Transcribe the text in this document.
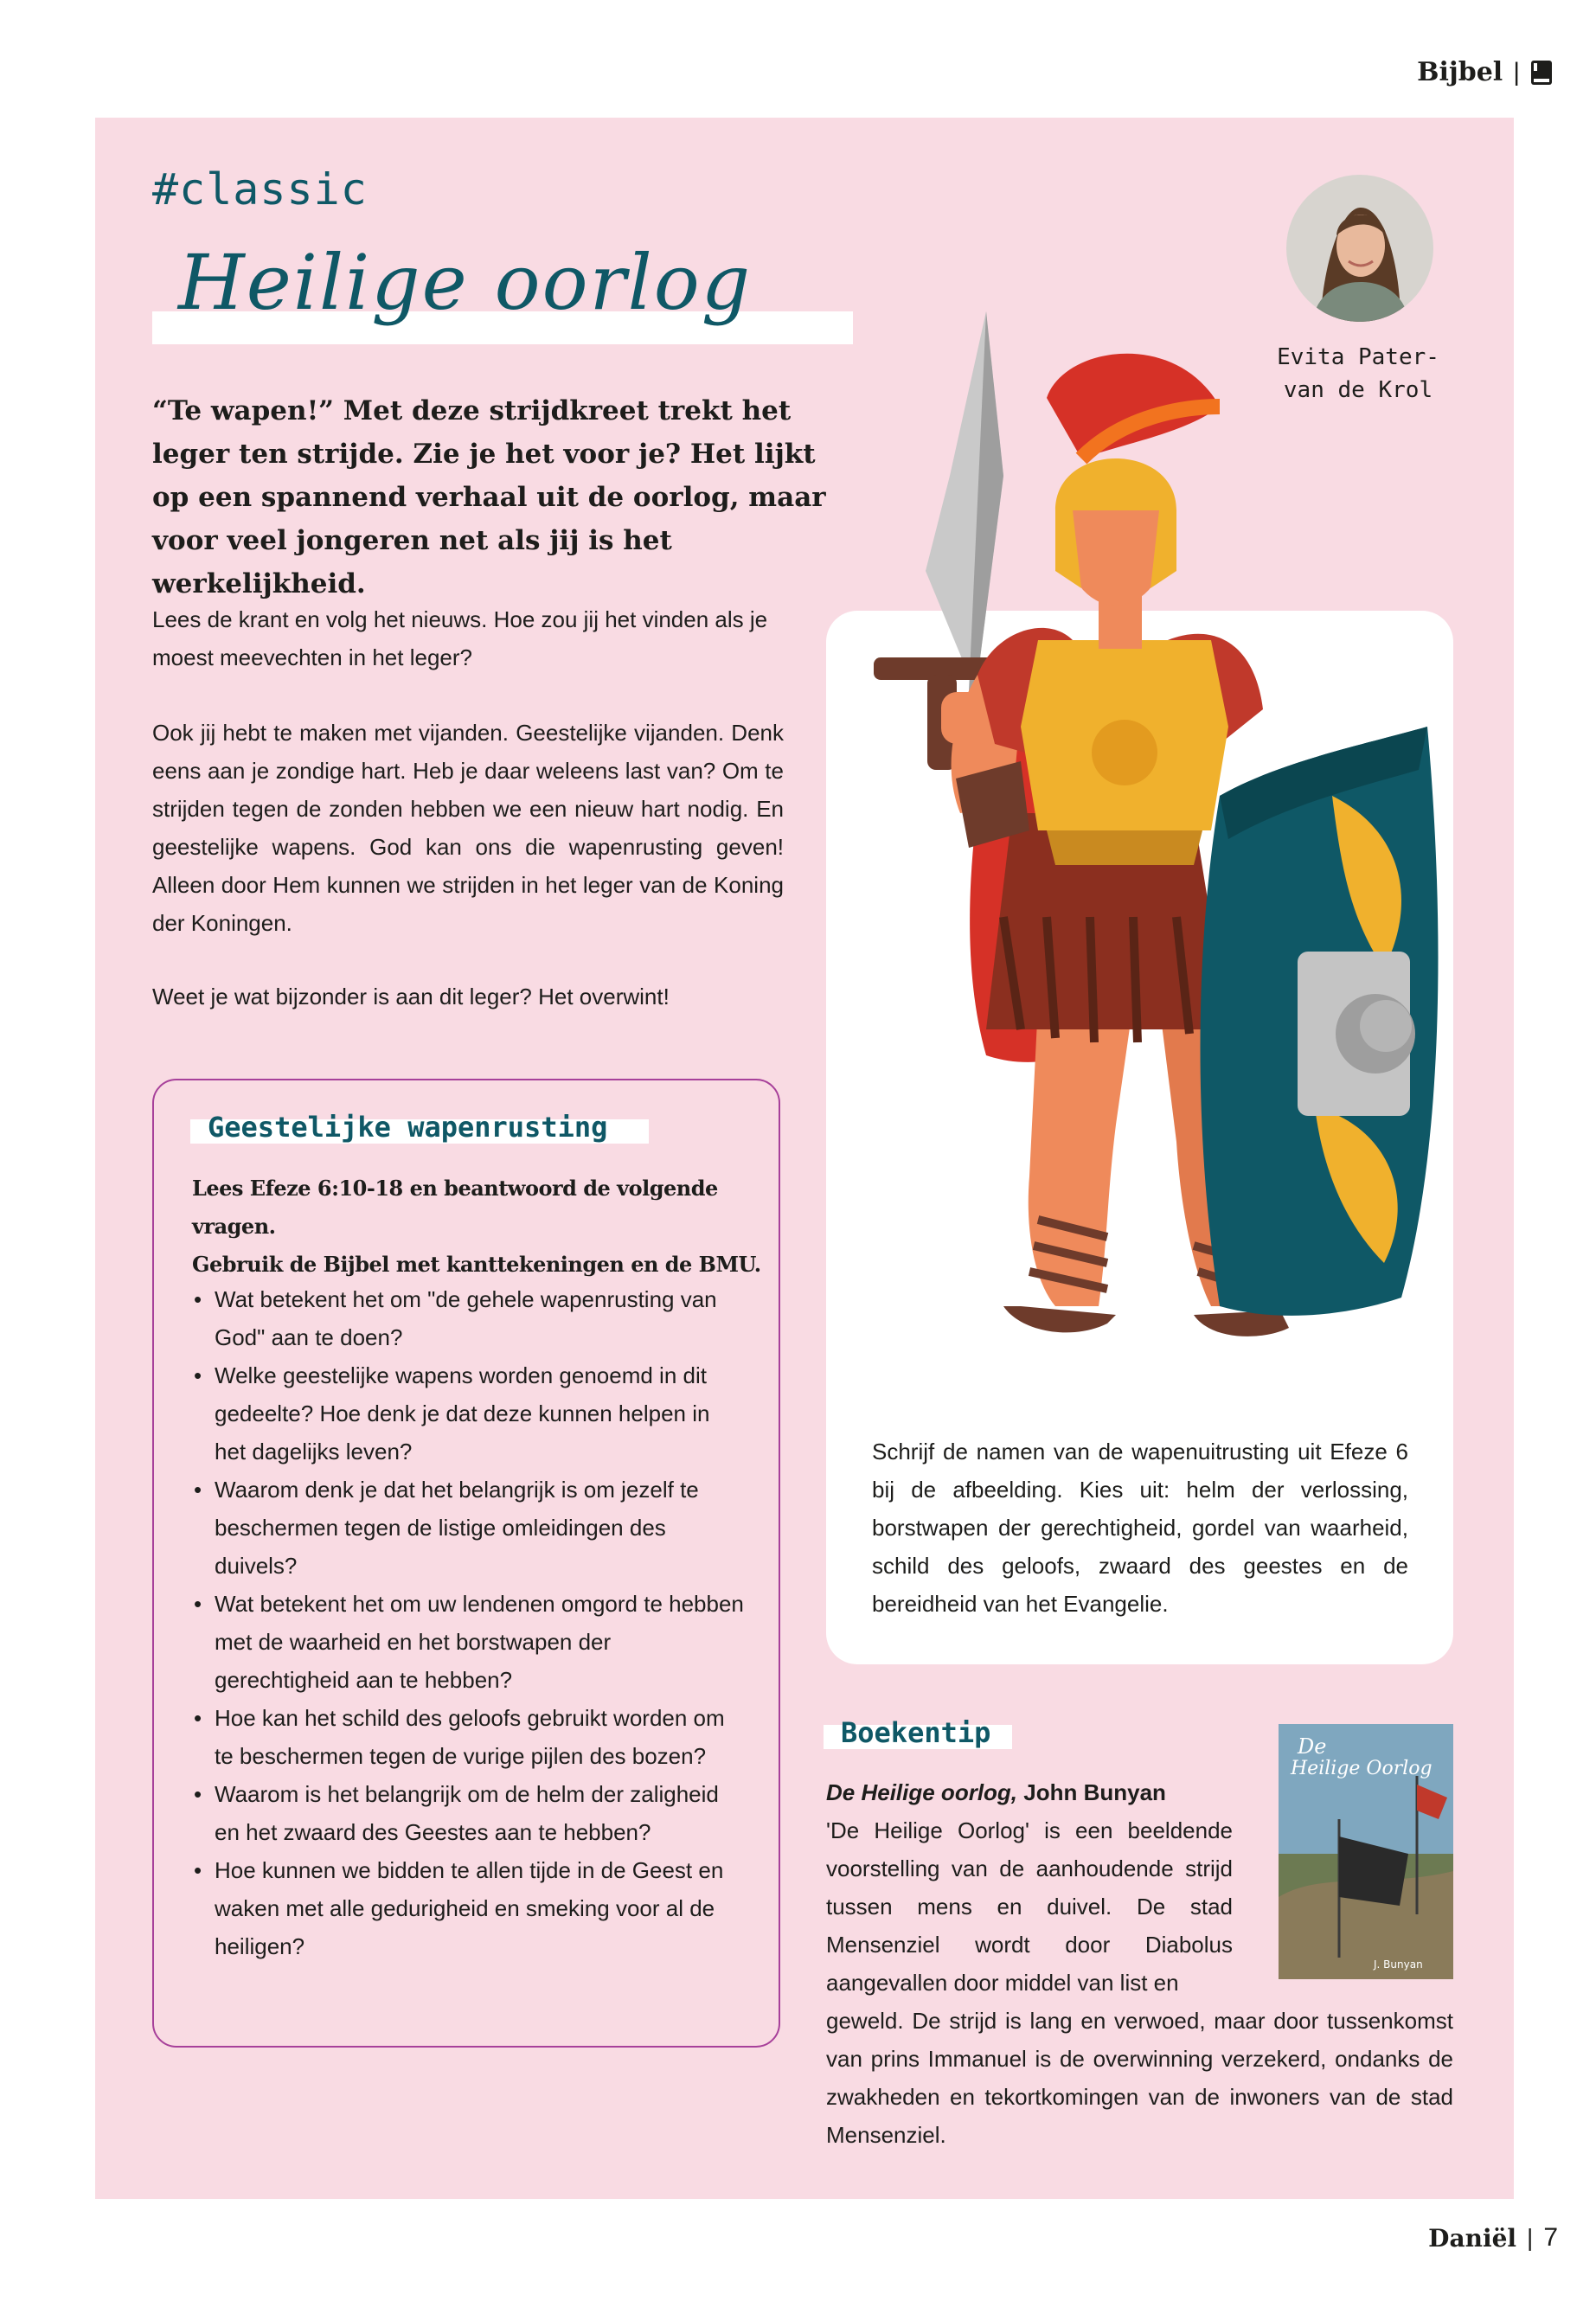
Bijbel |
#classic
Heilige oorlog
“Te wapen!” Met deze strijdkreet trekt het leger ten strijde. Zie je het voor je? Het lijkt op een spannend verhaal uit de oorlog, maar voor veel jongeren net als jij is het werkelijkheid.
Lees de krant en volg het nieuws. Hoe zou jij het vinden als je moest meevechten in het leger?
Ook jij hebt te maken met vijanden. Geestelijke vijanden. Denk eens aan je zondige hart. Heb je daar weleens last van? Om te strijden tegen de zonden hebben we een nieuw hart nodig. En geestelijke wapens. God kan ons die wapenrusting geven! Alleen door Hem kunnen we strijden in het leger van de Koning der Koningen.
Weet je wat bijzonder is aan dit leger? Het overwint!
Geestelijke wapenrusting
Lees Efeze 6:10-18 en beantwoord de volgende vragen.
Gebruik de Bijbel met kanttekeningen en de BMU.
• Wat betekent het om "de gehele wapenrusting van God" aan te doen?
• Welke geestelijke wapens worden genoemd in dit gedeelte? Hoe denk je dat deze kunnen helpen in het dagelijks leven?
• Waarom denk je dat het belangrijk is om jezelf te beschermen tegen de listige omleidingen des duivels?
• Wat betekent het om uw lendenen omgord te hebben met de waarheid en het borstwapen der gerechtigheid aan te hebben?
• Hoe kan het schild des geloofs gebruikt worden om te beschermen tegen de vurige pijlen des bozen?
• Waarom is het belangrijk om de helm der zaligheid en het zwaard des Geestes aan te hebben?
• Hoe kunnen we bidden te allen tijde in de Geest en waken met alle gedurigheid en smeking voor al de heiligen?
Evita Pater-
van de Krol
Schrijf de namen van de wapenuitrusting uit Efeze 6 bij de afbeelding. Kies uit: helm der verlossing, borstwapen der gerechtigheid, gordel van waarheid, schild des geloofs, zwaard des geestes en de bereidheid van het Evangelie.
Boekentip
De Heilige oorlog, John Bunyan
'De Heilige Oorlog' is een beeldende voorstelling van de aanhoudende strijd tussen mens en duivel. De stad Mensenziel wordt door Diabolus aangevallen door middel van list en
geweld. De strijd is lang en verwoed, maar door tussenkomst van prins Immanuel is de overwinning verzekerd, ondanks de zwakheden en tekortkomingen van de inwoners van de stad Mensenziel.
De
Heilige Oorlog
J. Bunyan
Daniël | 7
